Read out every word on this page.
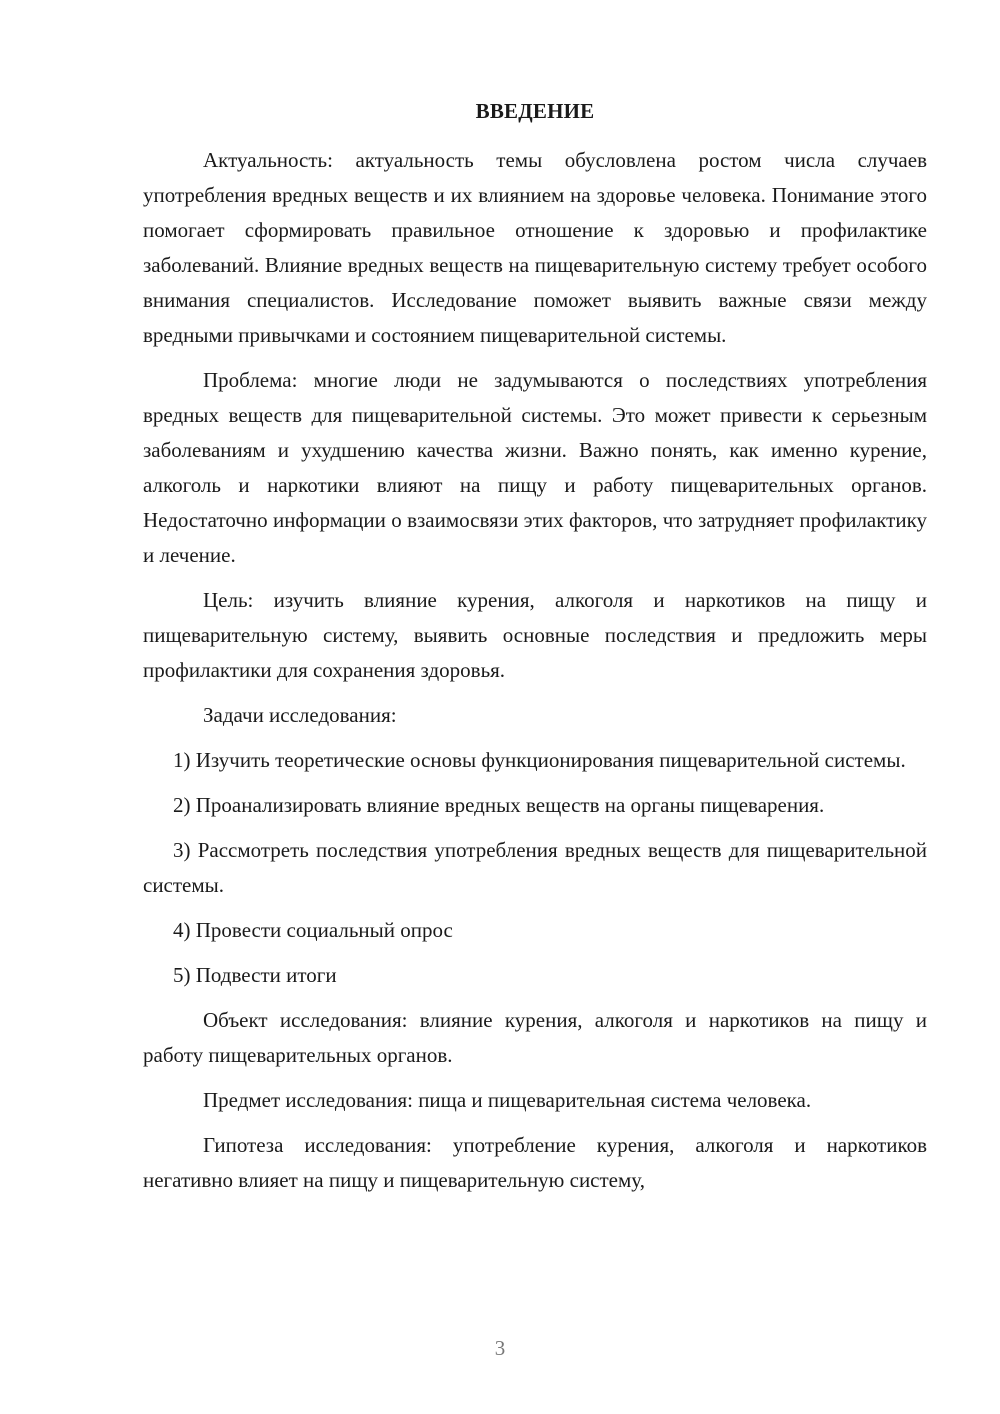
ВВЕДЕНИЕ

Актуальность: актуальность темы обусловлена ростом числа случаев употребления вредных веществ и их влиянием на здоровье человека. Понимание этого помогает сформировать правильное отношение к здоровью и профилактике заболеваний. Влияние вредных веществ на пищеварительную систему требует особого внимания специалистов. Исследование поможет выявить важные связи между вредными привычками и состоянием пищеварительной системы.

Проблема: многие люди не задумываются о последствиях употребления вредных веществ для пищеварительной системы. Это может привести к серьезным заболеваниям и ухудшению качества жизни. Важно понять, как именно курение, алкоголь и наркотики влияют на пищу и работу пищеварительных органов. Недостаточно информации о взаимосвязи этих факторов, что затрудняет профилактику и лечение.

Цель: изучить влияние курения, алкоголя и наркотиков на пищу и пищеварительную систему, выявить основные последствия и предложить меры профилактики для сохранения здоровья.

Задачи исследования:

1) Изучить теоретические основы функционирования пищеварительной системы.

2) Проанализировать влияние вредных веществ на органы пищеварения.

3) Рассмотреть последствия употребления вредных веществ для пищеварительной системы.

4) Провести социальный опрос

5) Подвести итоги

Объект исследования: влияние курения, алкоголя и наркотиков на пищу и работу пищеварительных органов.

Предмет исследования: пища и пищеварительная система человека.

Гипотеза исследования: употребление курения, алкоголя и наркотиков негативно влияет на пищу и пищеварительную систему,

3
